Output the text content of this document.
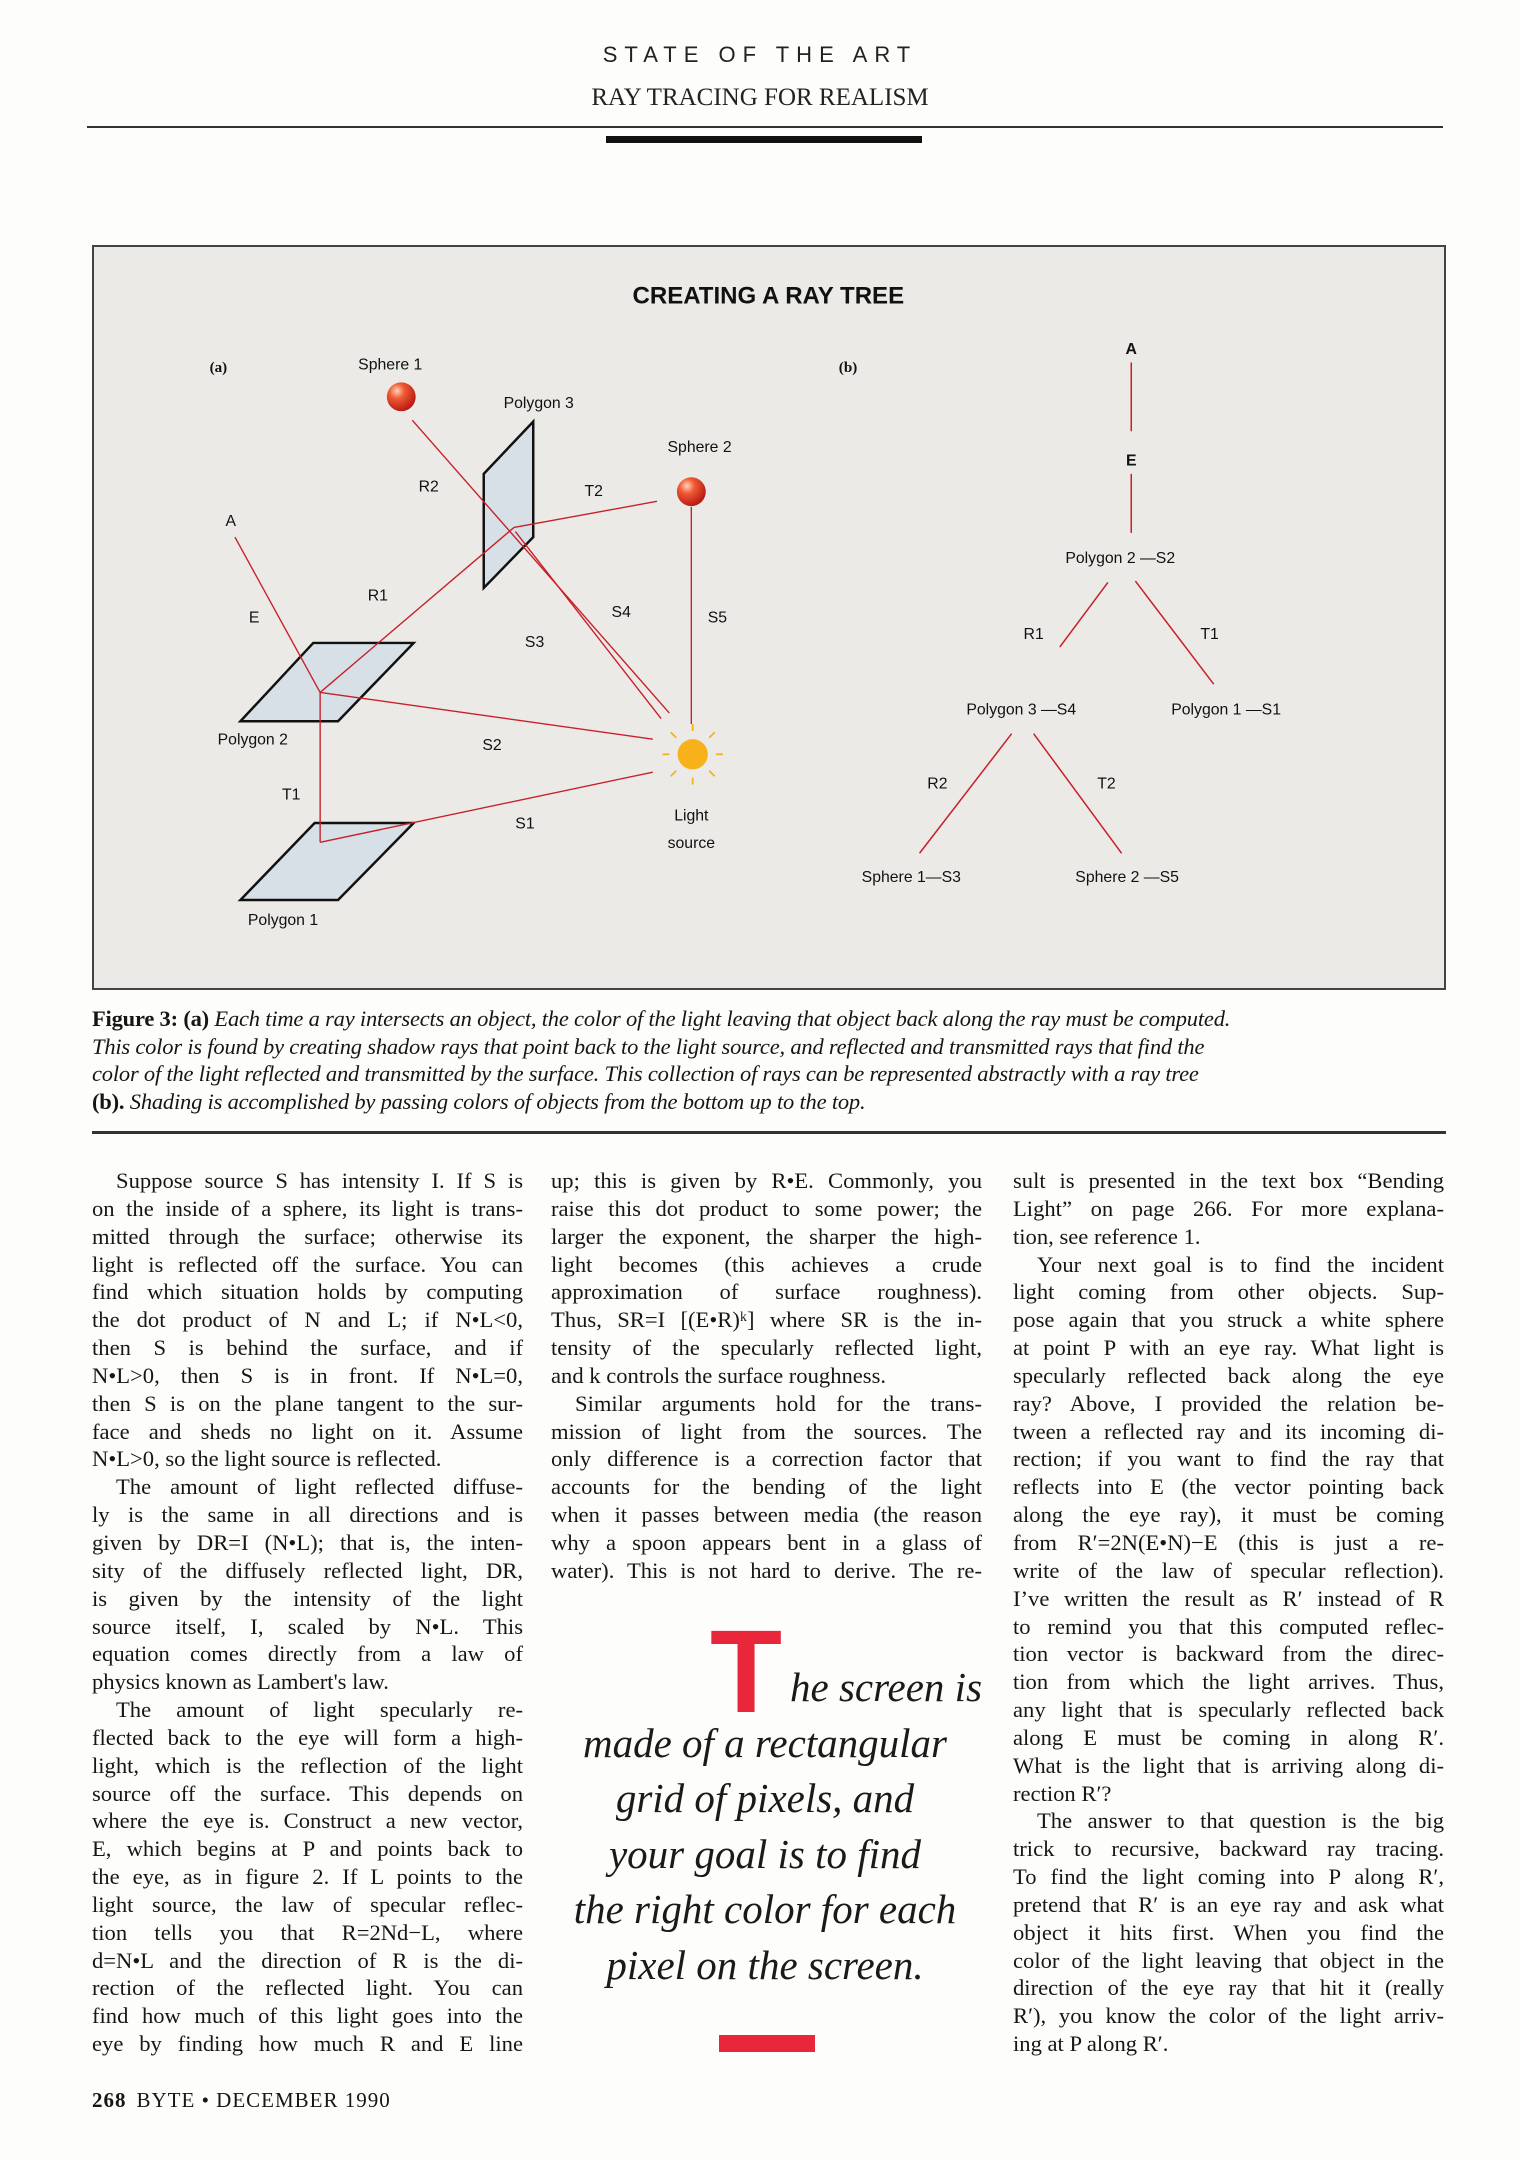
STATE OF THE ART
RAY TRACING FOR REALISM
CREATING A RAY TREE
(a)	Sphere 1
Polygon 3
Sphere 2
R2	T2
A
R1
E	S4	S5
S3
Polygon 2	S2
T1
S1	Light
source
Polygon 1
(b)
A
E
Polygon 2 —S2
R1	T1
Polygon 3 —S4	Polygon 1 —S1
R2	T2
Sphere 1—S3	Sphere 2 —S5
Figure 3: (a) Each time a ray intersects an object, the color of the light leaving that object back along the ray must be computed.
This color is found by creating shadow rays that point back to the light source, and reflected and transmitted rays that find the
color of the light reflected and transmitted by the surface. This collection of rays can be represented abstractly with a ray tree
(b). Shading is accomplished by passing colors of objects from the bottom up to the top.
Suppose source S has intensity I. If S is
on the inside of a sphere, its light is trans-
mitted through the surface; otherwise its
light is reflected off the surface. You can
find which situation holds by computing
the dot product of N and L; if N•L<0,
then S is behind the surface, and if
N•L>0, then S is in front. If N•L=0,
then S is on the plane tangent to the sur-
face and sheds no light on it. Assume
N•L>0, so the light source is reflected.
The amount of light reflected diffuse-
ly is the same in all directions and is
given by DR=I (N•L); that is, the inten-
sity of the diffusely reflected light, DR,
is given by the intensity of the light
source itself, I, scaled by N•L. This
equation comes directly from a law of
physics known as Lambert's law.
The amount of light specularly re-
flected back to the eye will form a high-
light, which is the reflection of the light
source off the surface. This depends on
where the eye is. Construct a new vector,
E, which begins at P and points back to
the eye, as in figure 2. If L points to the
light source, the law of specular reflec-
tion tells you that R=2Nd−L, where
d=N•L and the direction of R is the di-
rection of the reflected light. You can
find how much of this light goes into the
eye by finding how much R and E line
up; this is given by R•E. Commonly, you
raise this dot product to some power; the
larger the exponent, the sharper the high-
light becomes (this achieves a crude
approximation of surface roughness).
Thus, SR=I [(E•R)ᵏ] where SR is the in-
tensity of the specularly reflected light,
and k controls the surface roughness.
Similar arguments hold for the trans-
mission of light from the sources. The
only difference is a correction factor that
accounts for the bending of the light
when it passes between media (the reason
why a spoon appears bent in a glass of
water). This is not hard to derive. The re-
sult is presented in the text box “Bending
Light” on page 266. For more explana-
tion, see reference 1.
Your next goal is to find the incident
light coming from other objects. Sup-
pose again that you struck a white sphere
at point P with an eye ray. What light is
specularly reflected back along the eye
ray? Above, I provided the relation be-
tween a reflected ray and its incoming di-
rection; if you want to find the ray that
reflects into E (the vector pointing back
along the eye ray), it must be coming
from R′=2N(E•N)−E (this is just a re-
write of the law of specular reflection).
I’ve written the result as R′ instead of R
to remind you that this computed reflec-
tion vector is backward from the direc-
tion from which the light arrives. Thus,
any light that is specularly reflected back
along E must be coming in along R′.
What is the light that is arriving along di-
rection R′?
The answer to that question is the big
trick to recursive, backward ray tracing.
To find the light coming into P along R′,
pretend that R′ is an eye ray and ask what
object it hits first. When you find the
color of the light leaving that object in the
direction of the eye ray that hit it (really
R′), you know the color of the light arriv-
ing at P along R′.
T he screen is
made of a rectangular
grid of pixels, and
your goal is to find
the right color for each
pixel on the screen.
268 BYTE • DECEMBER 1990
